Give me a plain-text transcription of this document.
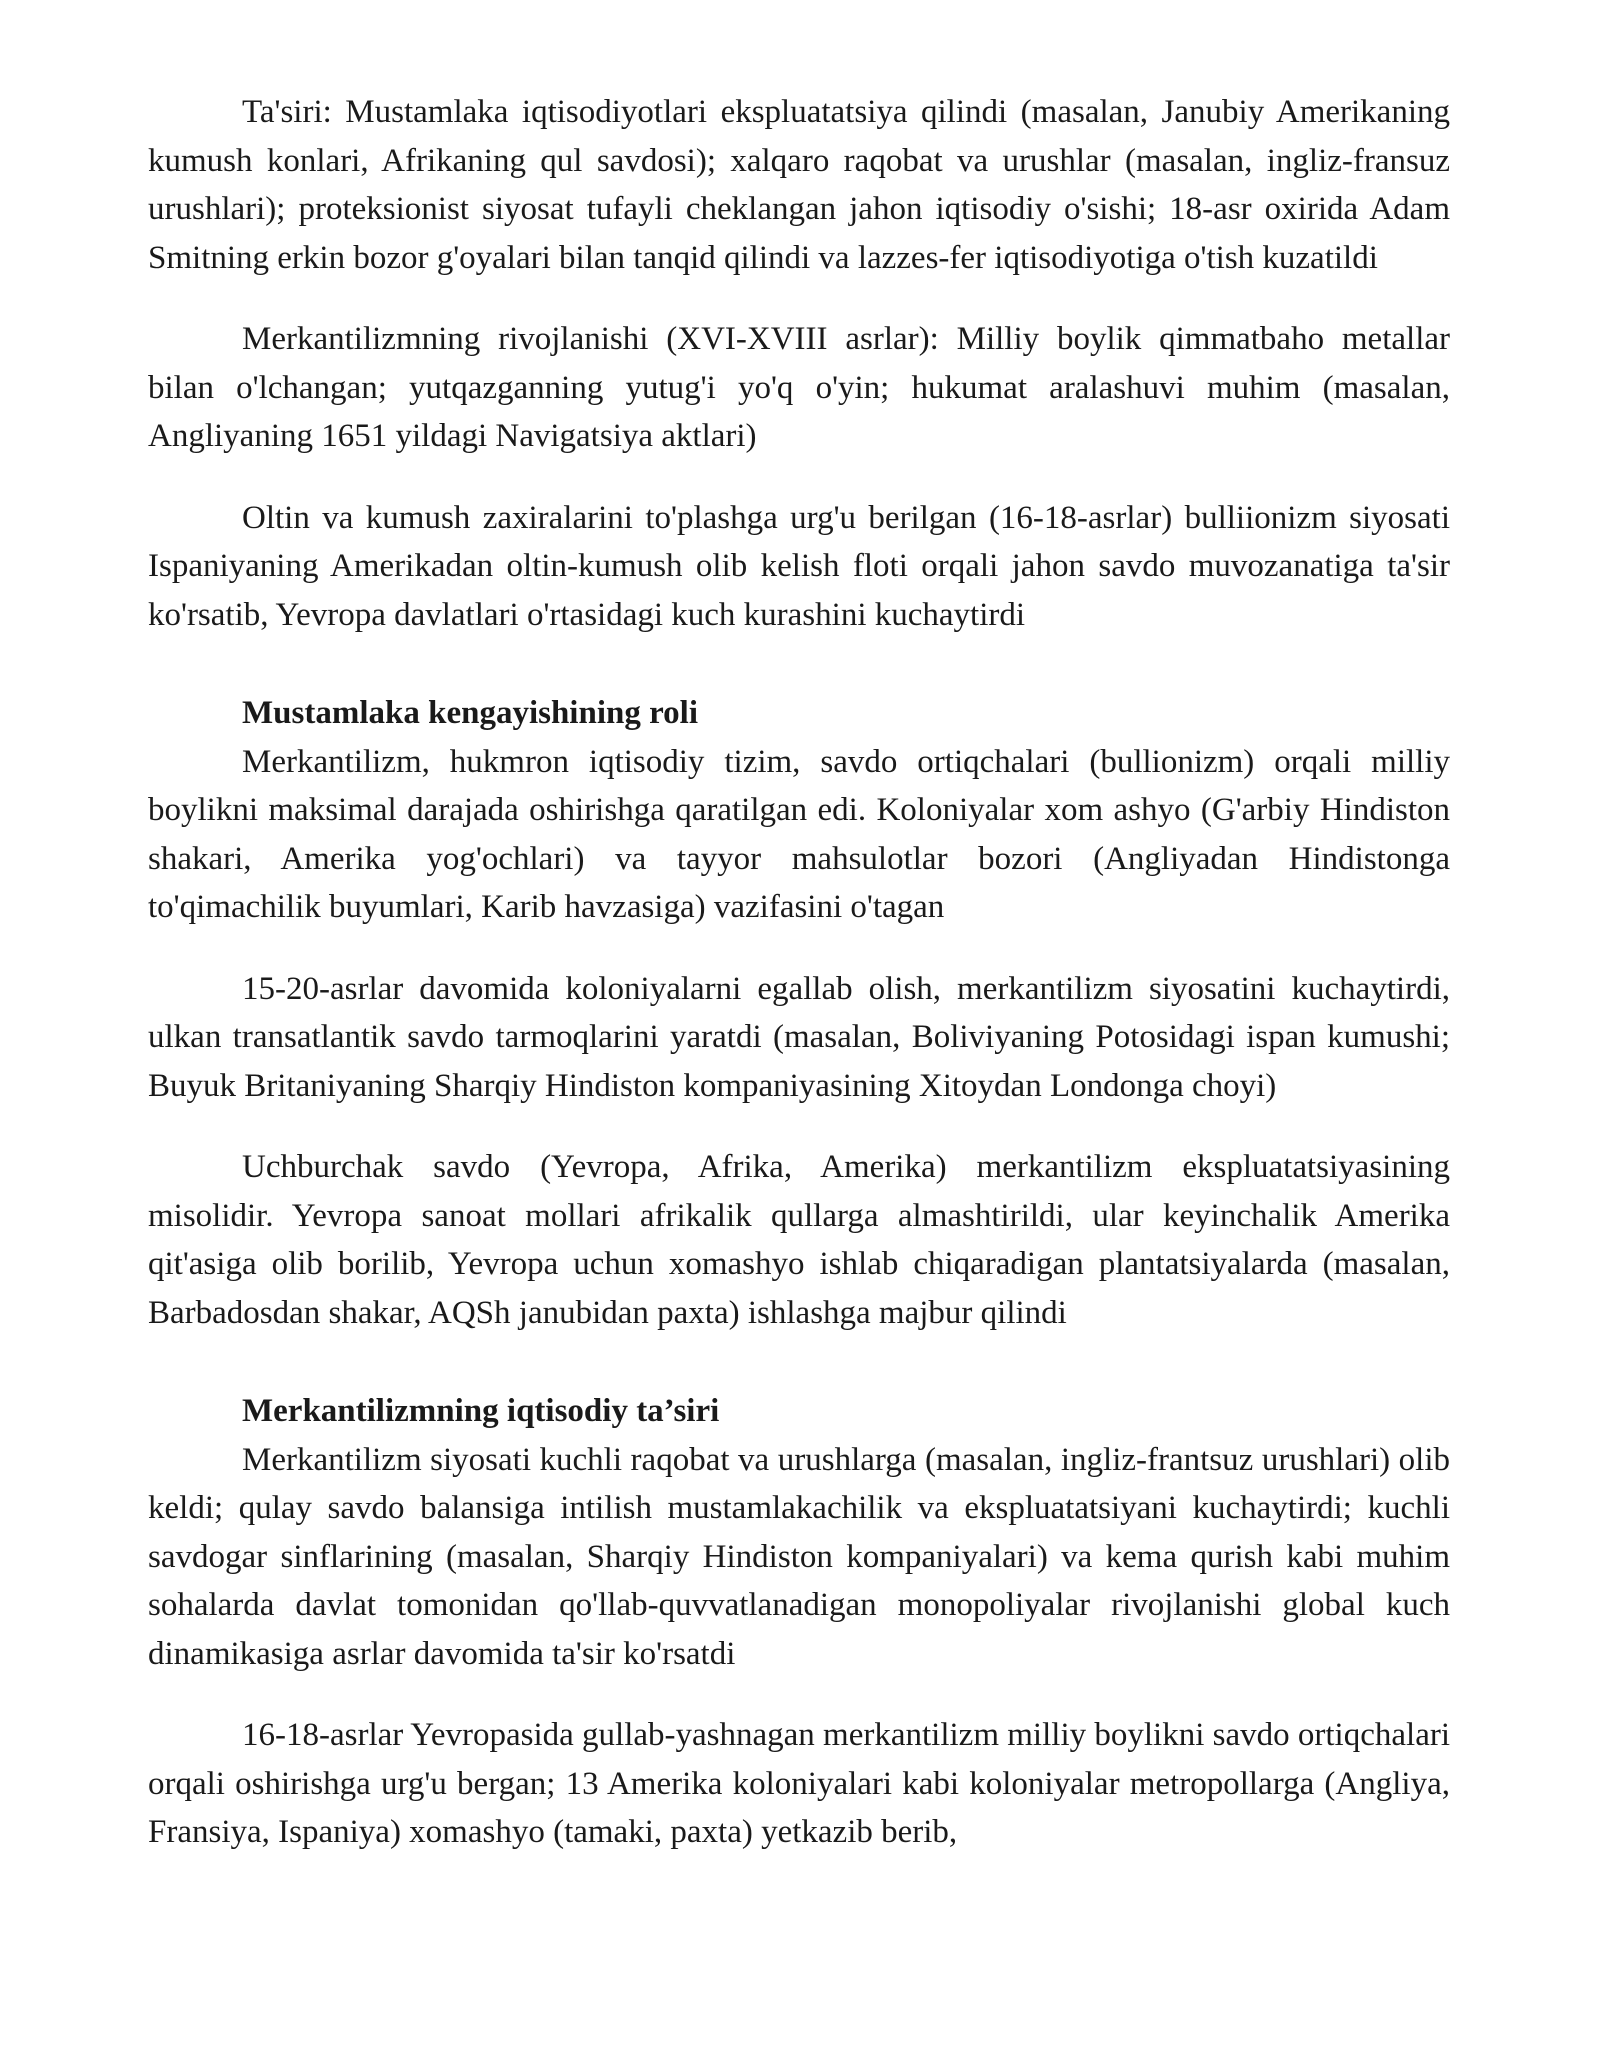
Ta'siri: Mustamlaka iqtisodiyotlari ekspluatatsiya qilindi (masalan, Janubiy Amerikaning kumush konlari, Afrikaning qul savdosi); xalqaro raqobat va urushlar (masalan, ingliz-fransuz urushlari); proteksionist siyosat tufayli cheklangan jahon iqtisodiy o'sishi; 18-asr oxirida Adam Smitning erkin bozor g'oyalari bilan tanqid qilindi va lazzes-fer iqtisodiyotiga o'tish kuzatildi

Merkantilizmning rivojlanishi (XVI-XVIII asrlar): Milliy boylik qimmatbaho metallar bilan o'lchangan; yutqazganning yutug'i yo'q o'yin; hukumat aralashuvi muhim (masalan, Angliyaning 1651 yildagi Navigatsiya aktlari)

Oltin va kumush zaxiralarini to'plashga urg'u berilgan (16-18-asrlar) bulliionizm siyosati Ispaniyaning Amerikadan oltin-kumush olib kelish floti orqali jahon savdo muvozanatiga ta'sir ko'rsatib, Yevropa davlatlari o'rtasidagi kuch kurashini kuchaytirdi

Mustamlaka kengayishining roli

Merkantilizm, hukmron iqtisodiy tizim, savdo ortiqchalari (bullionizm) orqali milliy boylikni maksimal darajada oshirishga qaratilgan edi. Koloniyalar xom ashyo (G'arbiy Hindiston shakari, Amerika yog'ochlari) va tayyor mahsulotlar bozori (Angliyadan Hindistonga to'qimachilik buyumlari, Karib havzasiga) vazifasini o'tagan

15-20-asrlar davomida koloniyalarni egallab olish, merkantilizm siyosatini kuchaytirdi, ulkan transatlantik savdo tarmoqlarini yaratdi (masalan, Boliviyaning Potosidagi ispan kumushi; Buyuk Britaniyaning Sharqiy Hindiston kompaniyasining Xitoydan Londonga choyi)

Uchburchak savdo (Yevropa, Afrika, Amerika) merkantilizm ekspluatatsiyasining misolidir. Yevropa sanoat mollari afrikalik qullarga almashtirildi, ular keyinchalik Amerika qit'asiga olib borilib, Yevropa uchun xomashyo ishlab chiqaradigan plantatsiyalarda (masalan, Barbadosdan shakar, AQSh janubidan paxta) ishlashga majbur qilindi

Merkantilizmning iqtisodiy ta’siri

Merkantilizm siyosati kuchli raqobat va urushlarga (masalan, ingliz-frantsuz urushlari) olib keldi; qulay savdo balansiga intilish mustamlakachilik va ekspluatatsiyani kuchaytirdi; kuchli savdogar sinflarining (masalan, Sharqiy Hindiston kompaniyalari) va kema qurish kabi muhim sohalarda davlat tomonidan qo'llab-quvvatlanadigan monopoliyalar rivojlanishi global kuch dinamikasiga asrlar davomida ta'sir ko'rsatdi

16-18-asrlar Yevropasida gullab-yashnagan merkantilizm milliy boylikni savdo ortiqchalari orqali oshirishga urg'u bergan; 13 Amerika koloniyalari kabi koloniyalar metropollarga (Angliya, Fransiya, Ispaniya) xomashyo (tamaki, paxta) yetkazib berib,
